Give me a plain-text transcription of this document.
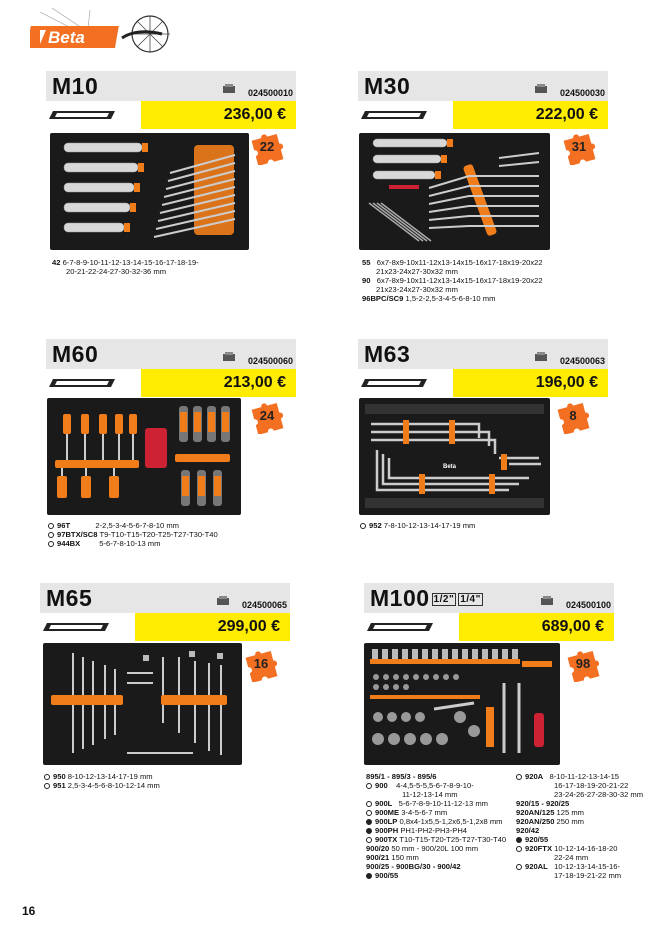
Beta
M10	024500010
236,00 €
22
42 6-7-8-9-10-11-12-13-14-15-16-17-18-19-
20-21-22-24-27-30-32-36 mm
M30	024500030
222,00 €
31
55 6x7-8x9-10x11-12x13-14x15-16x17-18x19-20x22
21x23-24x27-30x32 mm
90 6x7-8x9-10x11-12x13-14x15-16x17-18x19-20x22
21x23-24x27-30x32 mm
96BPC/SC9 1,5-2-2,5-3-4-5-6-8-10 mm
M60	024500060
213,00 €
24
96T	2-2,5-3-4-5-6-7-8-10 mm
97BTX/SC8 T9-T10-T15-T20-T25-T27-T30-T40
944BX	5-6-7-8-10-13 mm
M63	024500063
196,00 €
Beta
8
952 7-8-10-12-13-14-17-19 mm
M65	024500065
299,00 €
16
950 8-10-12-13-14-17-19 mm
951 2,5-3-4-5-6-8-10-12-14 mm
M100 1/2" 1/4"	024500100
689,00 €
98
895/1 - 895/3 - 895/6
900 4-4,5-5-5,5-6-7-8-9-10-
11-12-13-14 mm
900L 5-6-7-8-9-10-11-12-13 mm
900ME 3-4-5-6-7 mm
900LP 0,8x4-1x5,5-1,2x6,5-1,2x8 mm
900PH PH1-PH2-PH3-PH4
900TX T10-T15-T20-T25-T27-T30-T40
900/20 50 mm - 900/20L 100 mm
900/21 150 mm
900/25 - 900BG/30 - 900/42
900/55
920A 8-10-11-12-13-14-15
16-17-18-19-20-21-22
23-24-26-27-28-30-32 mm
920/15 - 920/25
920AN/125 125 mm
920AN/250 250 mm
920/42
920/55
920FTX 10-12-14-16-18-20
22-24 mm
920AL 10-12-13-14-15-16-
17-18-19-21-22 mm
16
